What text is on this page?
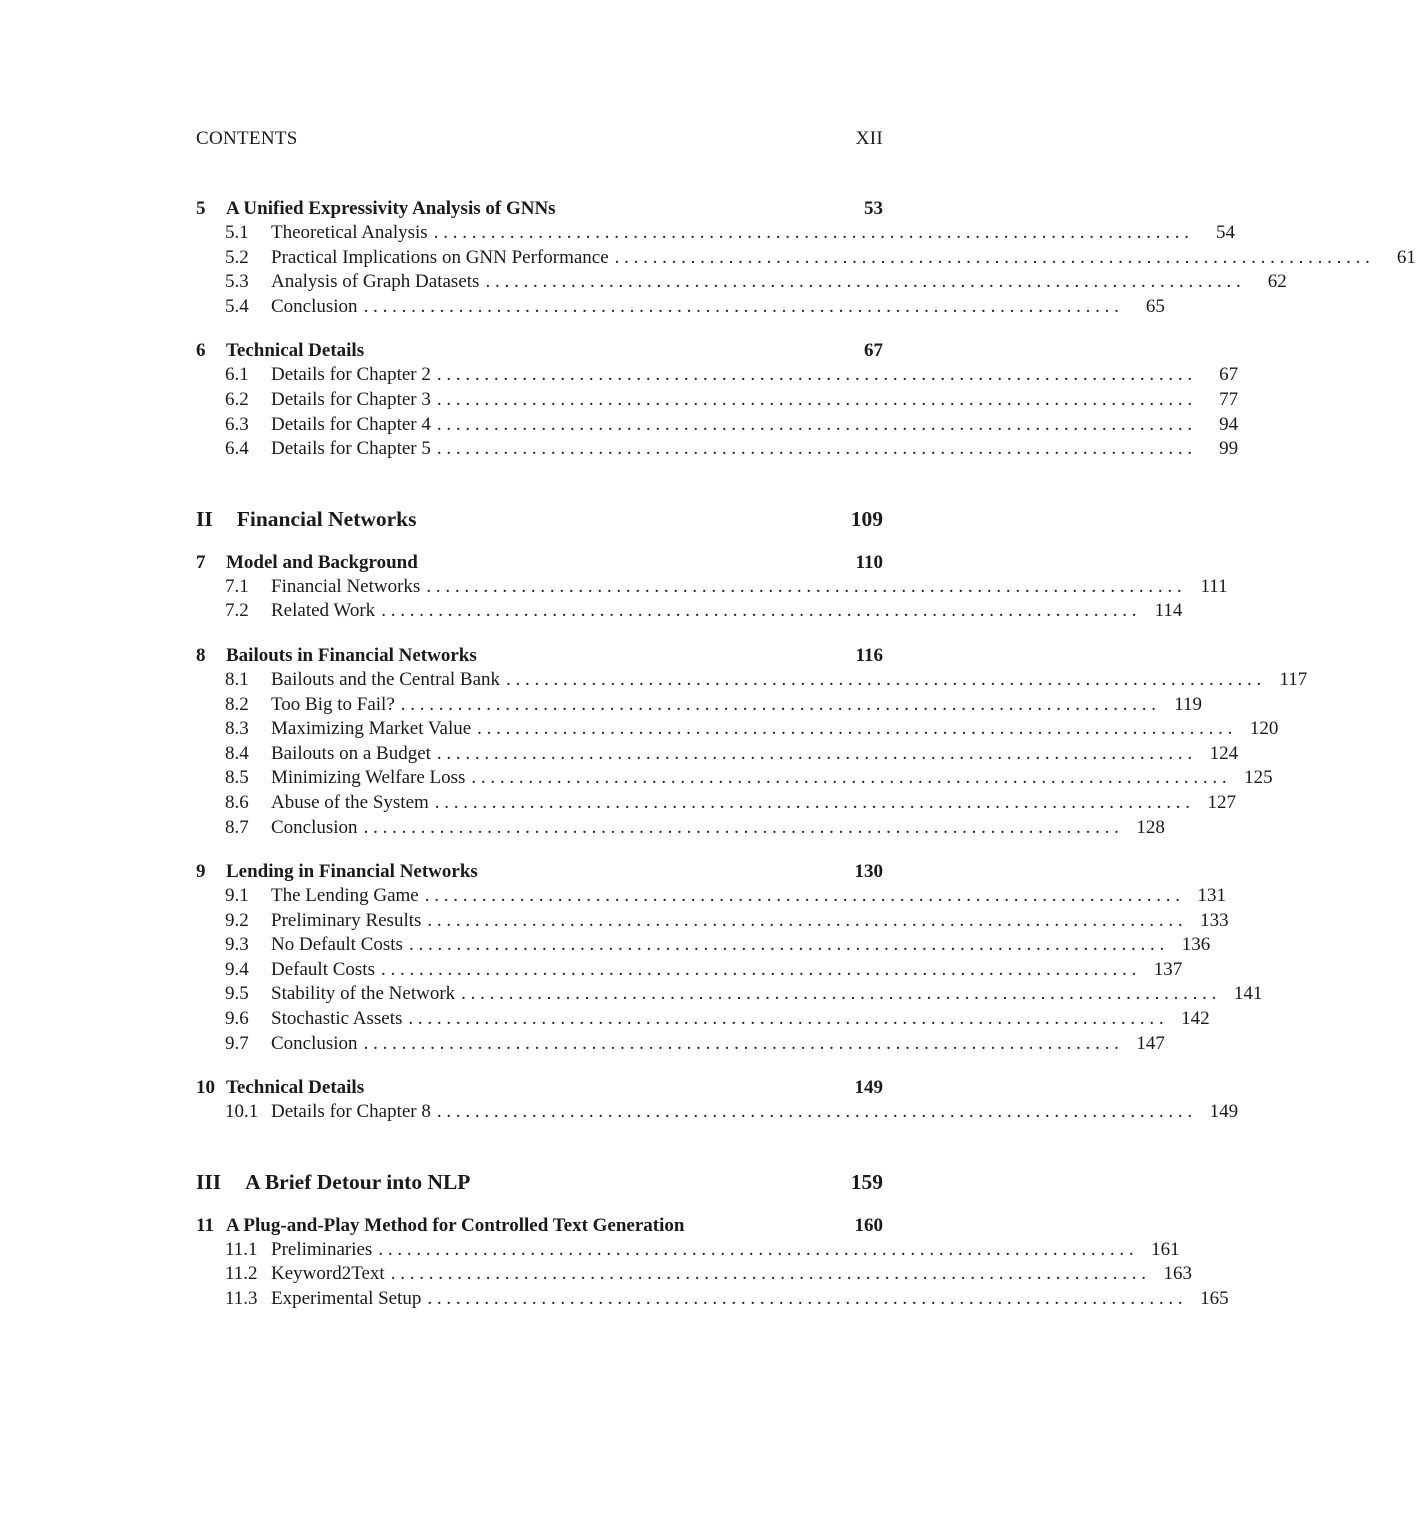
CONTENTS	XII
5	A Unified Expressivity Analysis of GNNs	53
5.1	Theoretical Analysis . . . . . . . . . . . . . . . . . . . . . . . . . . . . . . . . . . . . . . . . . . . . . . . . . . . . . . . . . . . . . . . . . . . . . . . . . . . . . . . .	54
5.2	Practical Implications on GNN Performance . . . . . . . . . . . . . . . . . . . . . . . . . . . . . . . . . . . . . . . . . . . . . . . . . . . . . . . . . . . . . . . . . . . . . . . . . . . . . . . .	61
5.3	Analysis of Graph Datasets . . . . . . . . . . . . . . . . . . . . . . . . . . . . . . . . . . . . . . . . . . . . . . . . . . . . . . . . . . . . . . . . . . . . . . . . . . . . . . . .	62
5.4	Conclusion . . . . . . . . . . . . . . . . . . . . . . . . . . . . . . . . . . . . . . . . . . . . . . . . . . . . . . . . . . . . . . . . . . . . . . . . . . . . . . . .	65
6	Technical Details	67
6.1	Details for Chapter 2 . . . . . . . . . . . . . . . . . . . . . . . . . . . . . . . . . . . . . . . . . . . . . . . . . . . . . . . . . . . . . . . . . . . . . . . . . . . . . . . .	67
6.2	Details for Chapter 3 . . . . . . . . . . . . . . . . . . . . . . . . . . . . . . . . . . . . . . . . . . . . . . . . . . . . . . . . . . . . . . . . . . . . . . . . . . . . . . . .	77
6.3	Details for Chapter 4 . . . . . . . . . . . . . . . . . . . . . . . . . . . . . . . . . . . . . . . . . . . . . . . . . . . . . . . . . . . . . . . . . . . . . . . . . . . . . . . .	94
6.4	Details for Chapter 5 . . . . . . . . . . . . . . . . . . . . . . . . . . . . . . . . . . . . . . . . . . . . . . . . . . . . . . . . . . . . . . . . . . . . . . . . . . . . . . . .	99
II Financial Networks	109
7	Model and Background	110
7.1	Financial Networks . . . . . . . . . . . . . . . . . . . . . . . . . . . . . . . . . . . . . . . . . . . . . . . . . . . . . . . . . . . . . . . . . . . . . . . . . . . . . . . . 111
7.2	Related Work . . . . . . . . . . . . . . . . . . . . . . . . . . . . . . . . . . . . . . . . . . . . . . . . . . . . . . . . . . . . . . . . . . . . . . . . . . . . . . . . 114
8	Bailouts in Financial Networks	116
8.1	Bailouts and the Central Bank . . . . . . . . . . . . . . . . . . . . . . . . . . . . . . . . . . . . . . . . . . . . . . . . . . . . . . . . . . . . . . . . . . . . . . . . . . . . . . . . 117
8.2	Too Big to Fail? . . . . . . . . . . . . . . . . . . . . . . . . . . . . . . . . . . . . . . . . . . . . . . . . . . . . . . . . . . . . . . . . . . . . . . . . . . . . . . . . 119
8.3	Maximizing Market Value . . . . . . . . . . . . . . . . . . . . . . . . . . . . . . . . . . . . . . . . . . . . . . . . . . . . . . . . . . . . . . . . . . . . . . . . . . . . . . . . 120
8.4	Bailouts on a Budget . . . . . . . . . . . . . . . . . . . . . . . . . . . . . . . . . . . . . . . . . . . . . . . . . . . . . . . . . . . . . . . . . . . . . . . . . . . . . . . . 124
8.5	Minimizing Welfare Loss . . . . . . . . . . . . . . . . . . . . . . . . . . . . . . . . . . . . . . . . . . . . . . . . . . . . . . . . . . . . . . . . . . . . . . . . . . . . . . . . 125
8.6	Abuse of the System . . . . . . . . . . . . . . . . . . . . . . . . . . . . . . . . . . . . . . . . . . . . . . . . . . . . . . . . . . . . . . . . . . . . . . . . . . . . . . . . 127
8.7	Conclusion . . . . . . . . . . . . . . . . . . . . . . . . . . . . . . . . . . . . . . . . . . . . . . . . . . . . . . . . . . . . . . . . . . . . . . . . . . . . . . . . 128
9	Lending in Financial Networks	130
9.1	The Lending Game . . . . . . . . . . . . . . . . . . . . . . . . . . . . . . . . . . . . . . . . . . . . . . . . . . . . . . . . . . . . . . . . . . . . . . . . . . . . . . . . 131
9.2	Preliminary Results . . . . . . . . . . . . . . . . . . . . . . . . . . . . . . . . . . . . . . . . . . . . . . . . . . . . . . . . . . . . . . . . . . . . . . . . . . . . . . . . 133
9.3	No Default Costs . . . . . . . . . . . . . . . . . . . . . . . . . . . . . . . . . . . . . . . . . . . . . . . . . . . . . . . . . . . . . . . . . . . . . . . . . . . . . . . . 136
9.4	Default Costs . . . . . . . . . . . . . . . . . . . . . . . . . . . . . . . . . . . . . . . . . . . . . . . . . . . . . . . . . . . . . . . . . . . . . . . . . . . . . . . . 137
9.5	Stability of the Network . . . . . . . . . . . . . . . . . . . . . . . . . . . . . . . . . . . . . . . . . . . . . . . . . . . . . . . . . . . . . . . . . . . . . . . . . . . . . . . . 141
9.6	Stochastic Assets . . . . . . . . . . . . . . . . . . . . . . . . . . . . . . . . . . . . . . . . . . . . . . . . . . . . . . . . . . . . . . . . . . . . . . . . . . . . . . . . 142
9.7	Conclusion . . . . . . . . . . . . . . . . . . . . . . . . . . . . . . . . . . . . . . . . . . . . . . . . . . . . . . . . . . . . . . . . . . . . . . . . . . . . . . . . 147
10 Technical Details	149
10.1 Details for Chapter 8 . . . . . . . . . . . . . . . . . . . . . . . . . . . . . . . . . . . . . . . . . . . . . . . . . . . . . . . . . . . . . . . . . . . . . . . . . . . . . . . . 149
III A Brief Detour into NLP	159
11 A Plug-and-Play Method for Controlled Text Generation	160
11.1 Preliminaries . . . . . . . . . . . . . . . . . . . . . . . . . . . . . . . . . . . . . . . . . . . . . . . . . . . . . . . . . . . . . . . . . . . . . . . . . . . . . . . . 161
11.2 Keyword2Text . . . . . . . . . . . . . . . . . . . . . . . . . . . . . . . . . . . . . . . . . . . . . . . . . . . . . . . . . . . . . . . . . . . . . . . . . . . . . . . . 163
11.3 Experimental Setup . . . . . . . . . . . . . . . . . . . . . . . . . . . . . . . . . . . . . . . . . . . . . . . . . . . . . . . . . . . . . . . . . . . . . . . . . . . . . . . . 165
